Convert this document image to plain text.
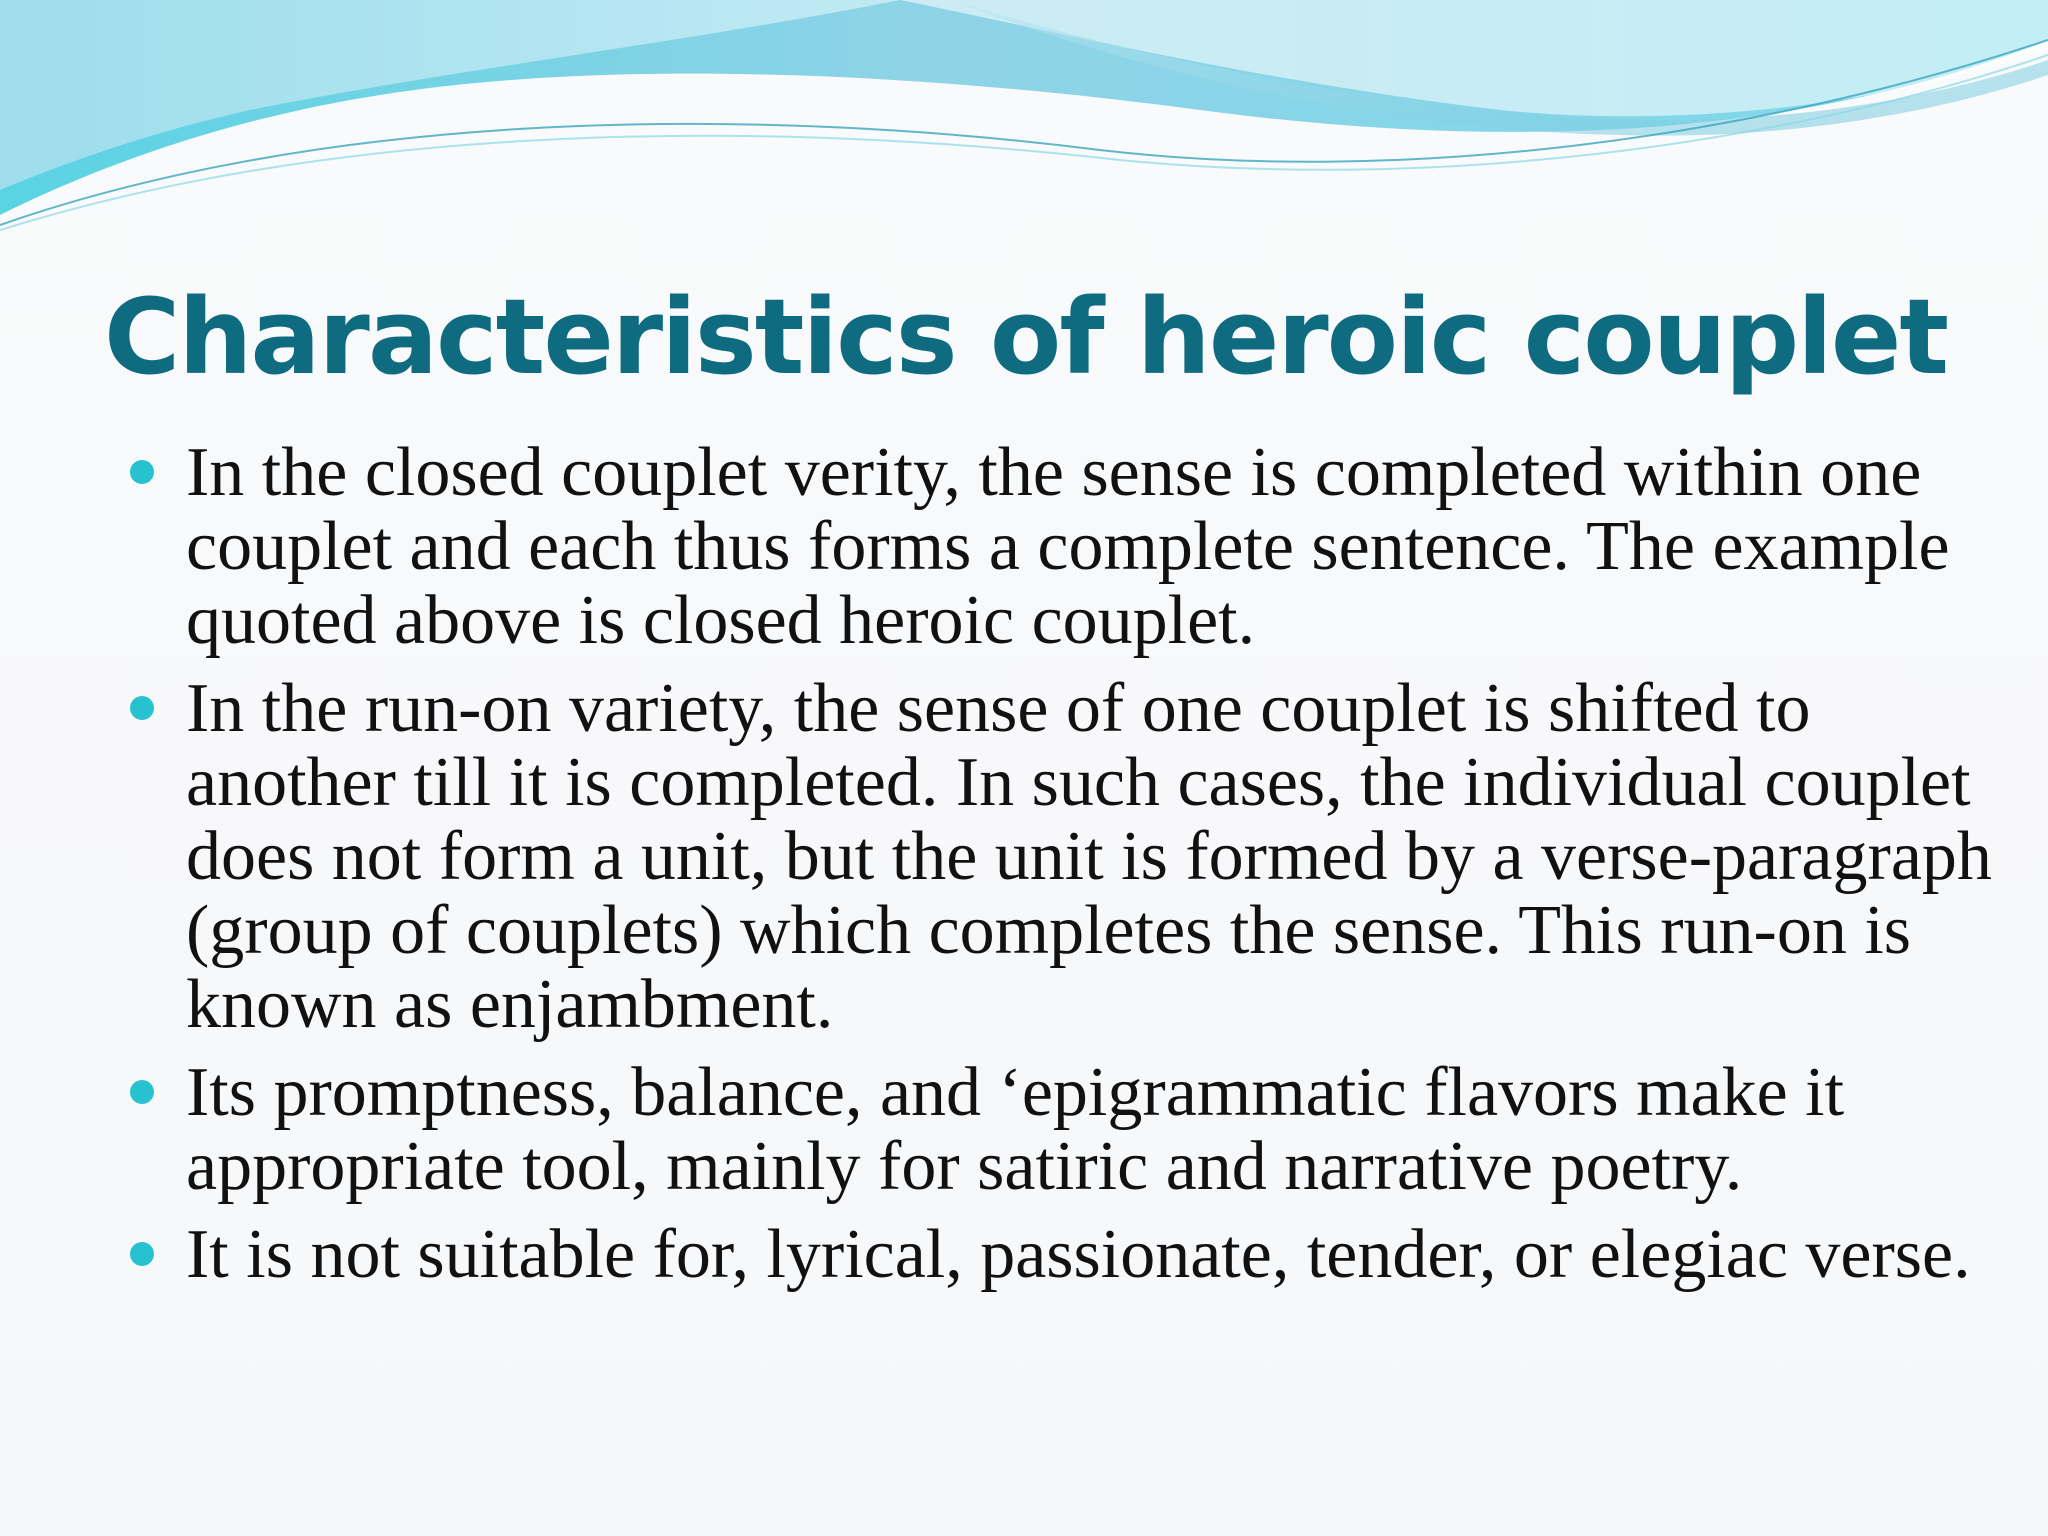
Characteristics of heroic couplet
In the closed couplet verity, the sense is completed within one couplet and each thus forms a complete sentence. The example quoted above is closed heroic couplet.
In the run-on variety, the sense of one couplet is shifted to another till it is completed. In such cases, the individual couplet does not form a unit, but the unit is formed by a verse-paragraph (group of couplets) which completes the sense. This run-on is known as enjambment.
Its promptness, balance, and ‘epigrammatic flavors make it appropriate tool, mainly for satiric and narrative poetry.
It is not suitable for, lyrical, passionate, tender, or elegiac verse.
